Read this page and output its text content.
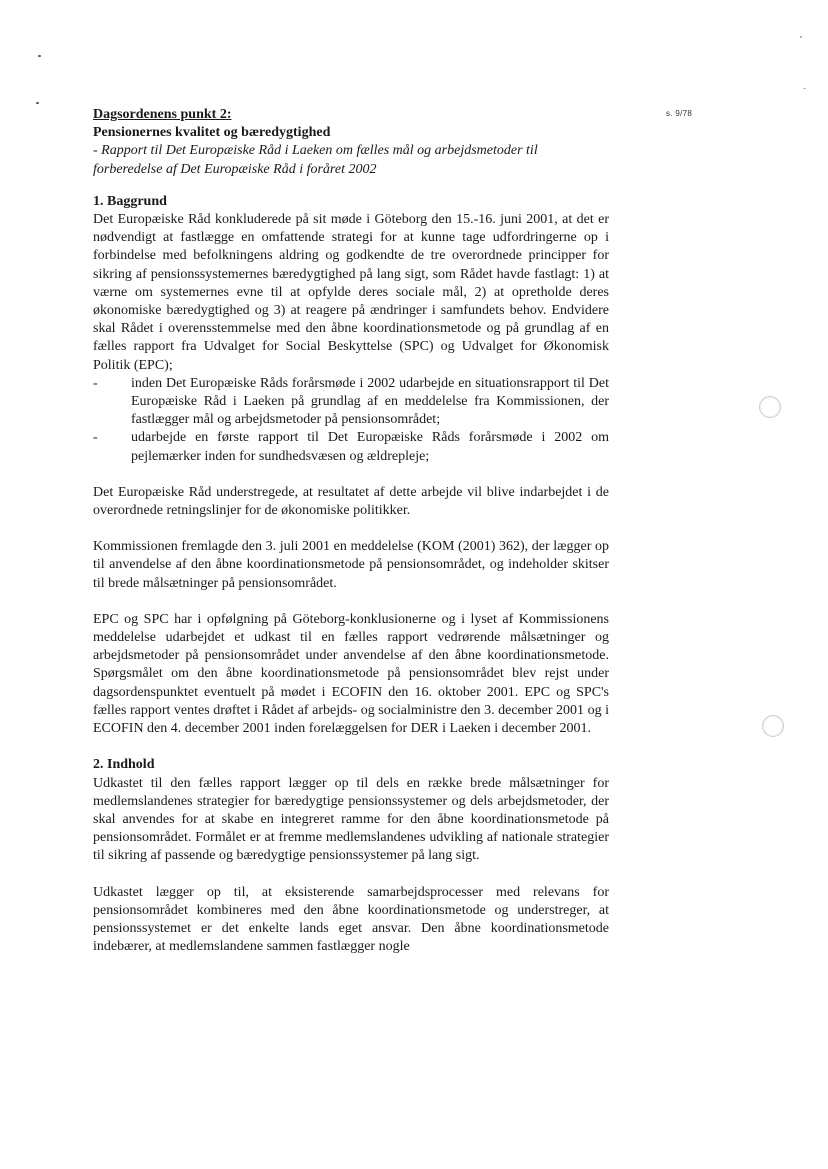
s. 9/78

Dagsordenens punkt 2:

Pensionernes kvalitet og bæredygtighed

- Rapport til Det Europæiske Råd i Laeken om fælles mål og arbejdsmetoder til forberedelse af Det Europæiske Råd i foråret 2002

1. Baggrund

Det Europæiske Råd konkluderede på sit møde i Göteborg den 15.-16. juni 2001, at det er nødvendigt at fastlægge en omfattende strategi for at kunne tage udfordringerne op i forbindelse med befolkningens aldring og godkendte de tre overordnede principper for sikring af pensionssystemernes bæredygtighed på lang sigt, som Rådet havde fastlagt: 1) at værne om systemernes evne til at opfylde deres sociale mål, 2) at opretholde deres økonomiske bæredygtighed og 3) at reagere på ændringer i samfundets behov. Endvidere skal Rådet i overensstemmelse med den åbne koordinationsmetode og på grundlag af en fælles rapport fra Udvalget for Social Beskyttelse (SPC) og Udvalget for Økonomisk Politik (EPC);

- inden Det Europæiske Råds forårsmøde i 2002 udarbejde en situationsrapport til Det Europæiske Råd i Laeken på grundlag af en meddelelse fra Kommissionen, der fastlægger mål og arbejdsmetoder på pensionsområdet;
- udarbejde en første rapport til Det Europæiske Råds forårsmøde i 2002 om pejlemærker inden for sundhedsvæsen og ældrepleje;

Det Europæiske Råd understregede, at resultatet af dette arbejde vil blive indarbejdet i de overordnede retningslinjer for de økonomiske politikker.

Kommissionen fremlagde den 3. juli 2001 en meddelelse (KOM (2001) 362), der lægger op til anvendelse af den åbne koordinationsmetode på pensionsområdet, og indeholder skitser til brede målsætninger på pensionsområdet.

EPC og SPC har i opfølgning på Göteborg-konklusionerne og i lyset af Kommissionens meddelelse udarbejdet et udkast til en fælles rapport vedrørende målsætninger og arbejdsmetoder på pensionsområdet under anvendelse af den åbne koordinationsmetode. Spørgsmålet om den åbne koordinationsmetode på pensionsområdet blev rejst under dagsordenspunktet eventuelt på mødet i ECOFIN den 16. oktober 2001. EPC og SPC's fælles rapport ventes drøftet i Rådet af arbejds- og socialministre den 3. december 2001 og i ECOFIN den 4. december 2001 inden forelæggelsen for DER i Laeken i december 2001.

2. Indhold

Udkastet til den fælles rapport lægger op til dels en række brede målsætninger for medlemslandenes strategier for bæredygtige pensionssystemer og dels arbejdsmetoder, der skal anvendes for at skabe en integreret ramme for den åbne koordinationsmetode på pensionsområdet. Formålet er at fremme medlemslandenes udvikling af nationale strategier til sikring af passende og bæredygtige pensionssystemer på lang sigt.

Udkastet lægger op til, at eksisterende samarbejdsprocesser med relevans for pensionsområdet kombineres med den åbne koordinationsmetode og understreger, at pensionssystemet er det enkelte lands eget ansvar. Den åbne koordinationsmetode indebærer, at medlemslandene sammen fastlægger nogle
